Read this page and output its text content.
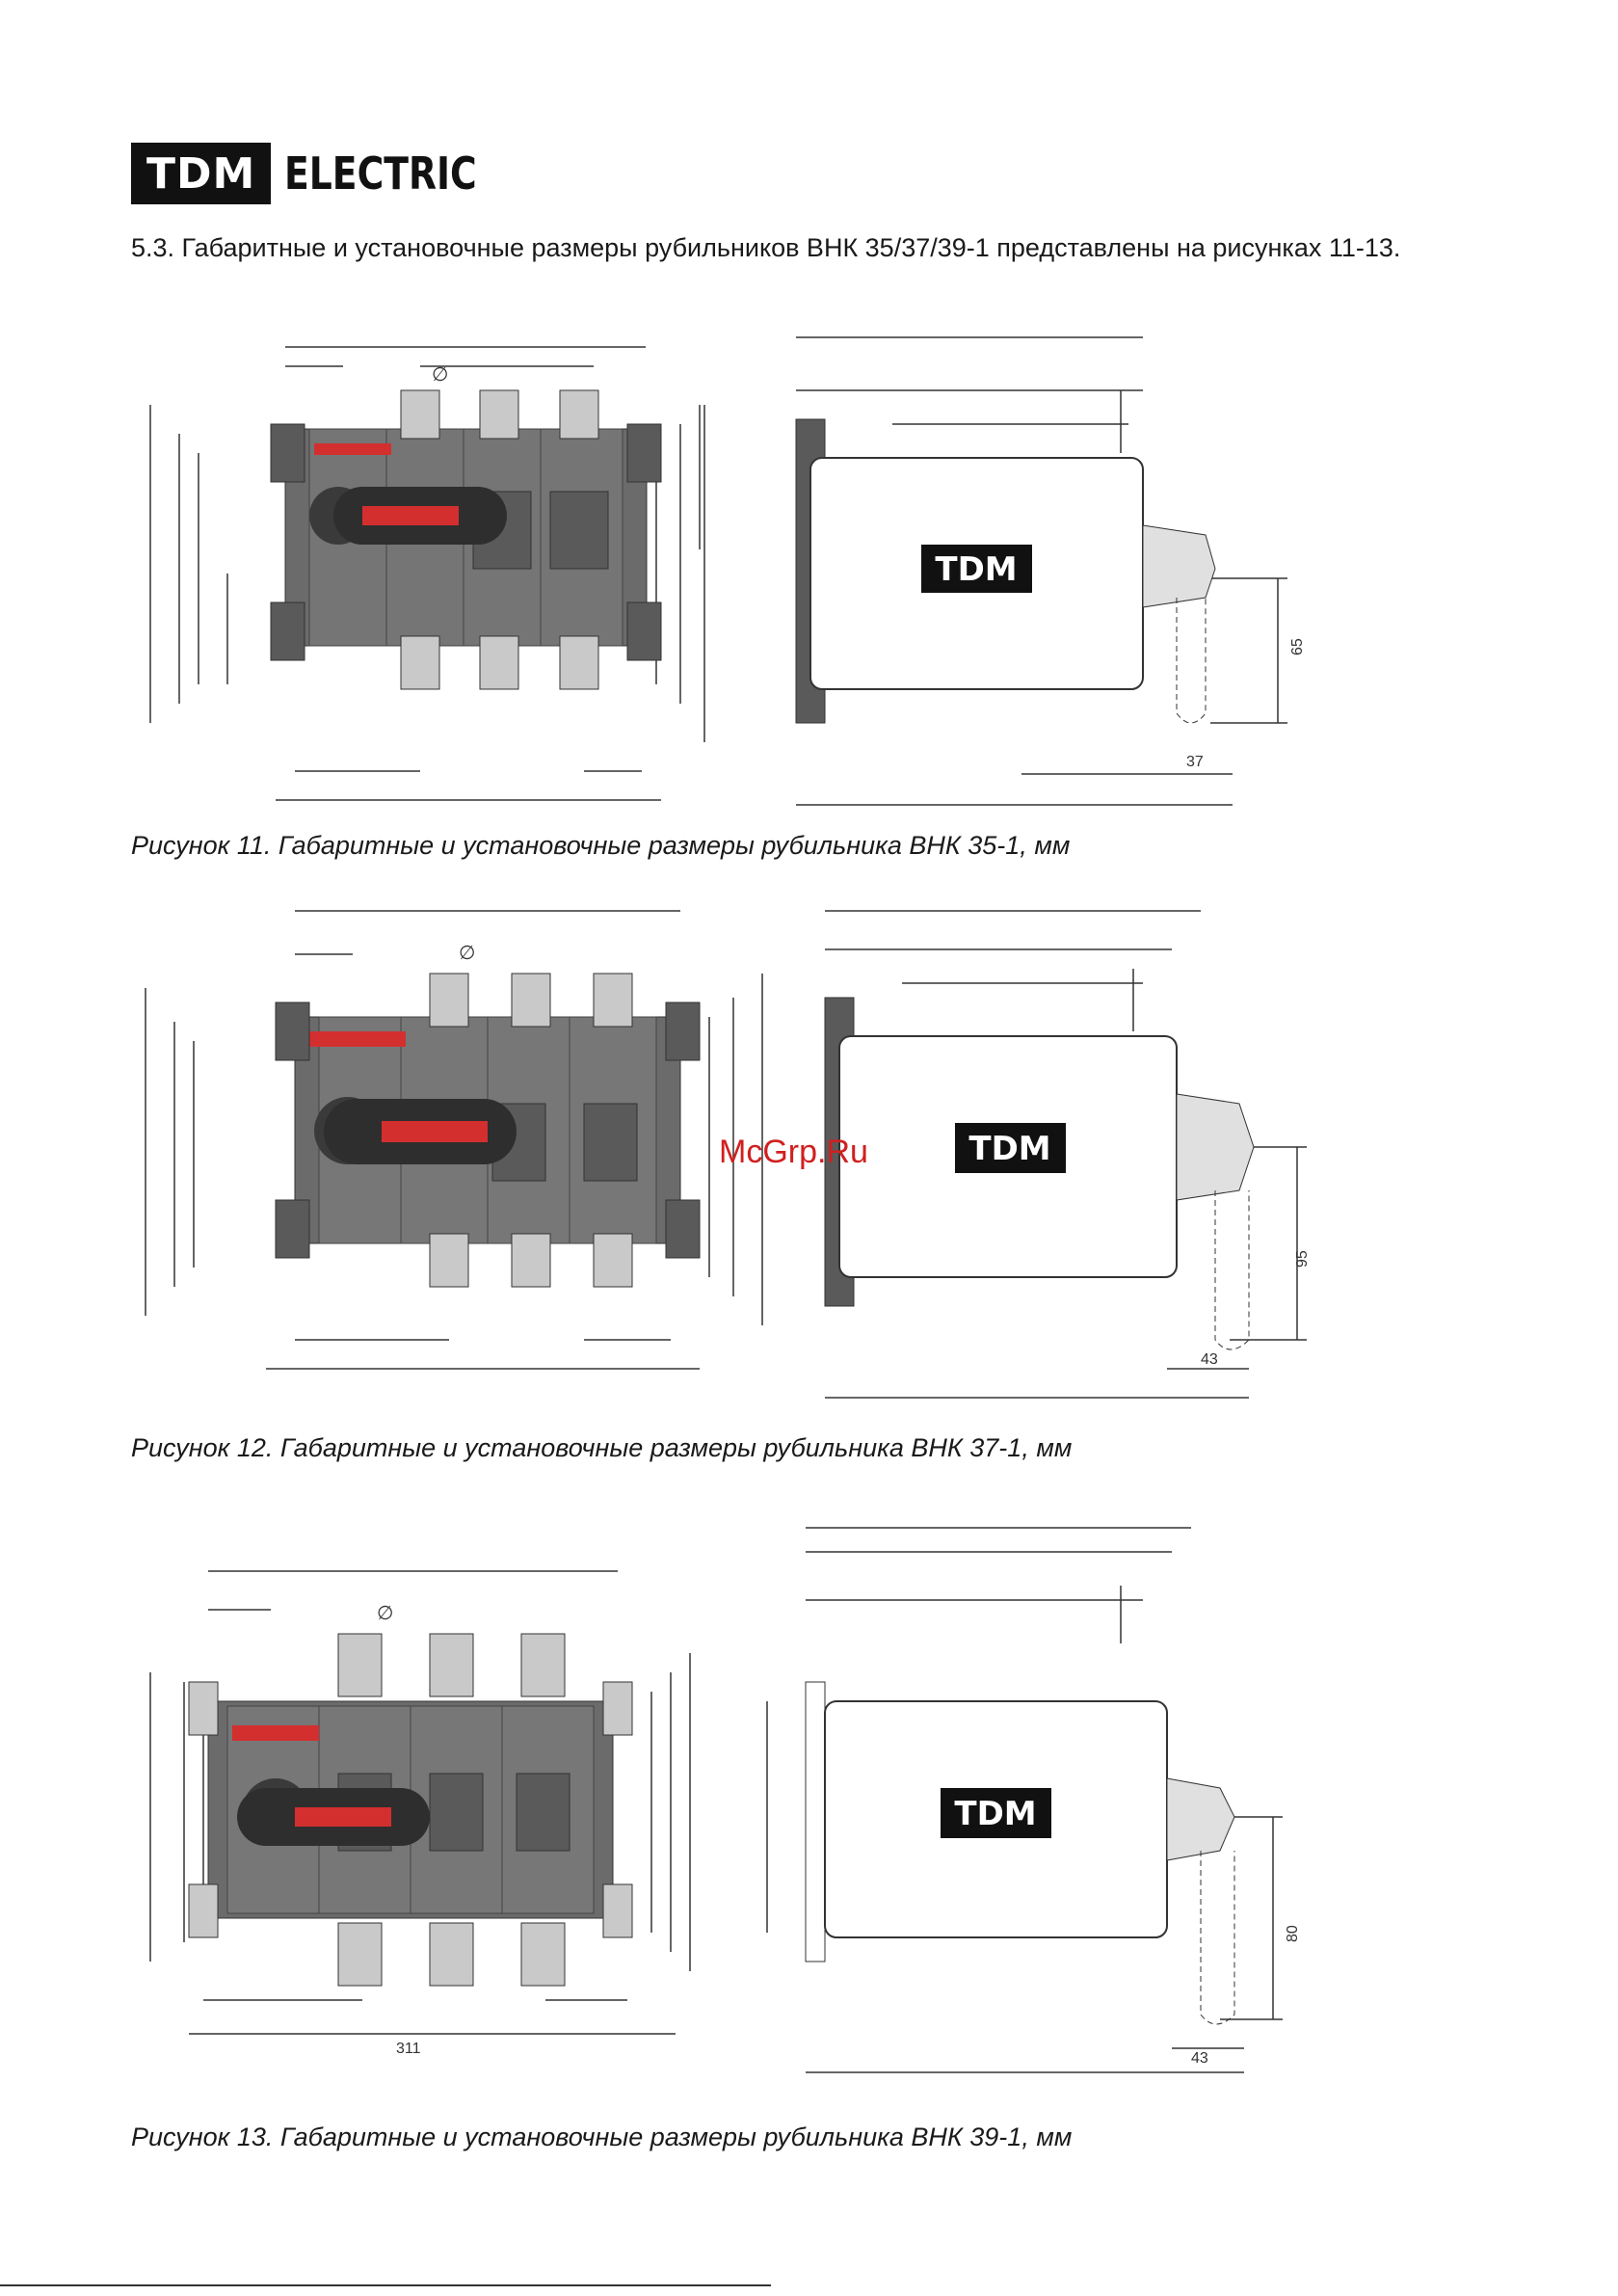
TDM ELECTRIC
5.3. Габаритные и установочные размеры рубильников ВНК 35/37/39-1 представлены на рисунках 11-13.
∅
TDM
65
37
Рисунок 11. Габаритные и установочные размеры рубильника ВНК 35-1, мм
∅
TDM
95
43
Рисунок 12. Габаритные и установочные размеры рубильника ВНК 37-1, мм
∅
311
TDM
80
43
Рисунок 13. Габаритные и установочные размеры рубильника ВНК 39-1, мм
McGrp.Ru
